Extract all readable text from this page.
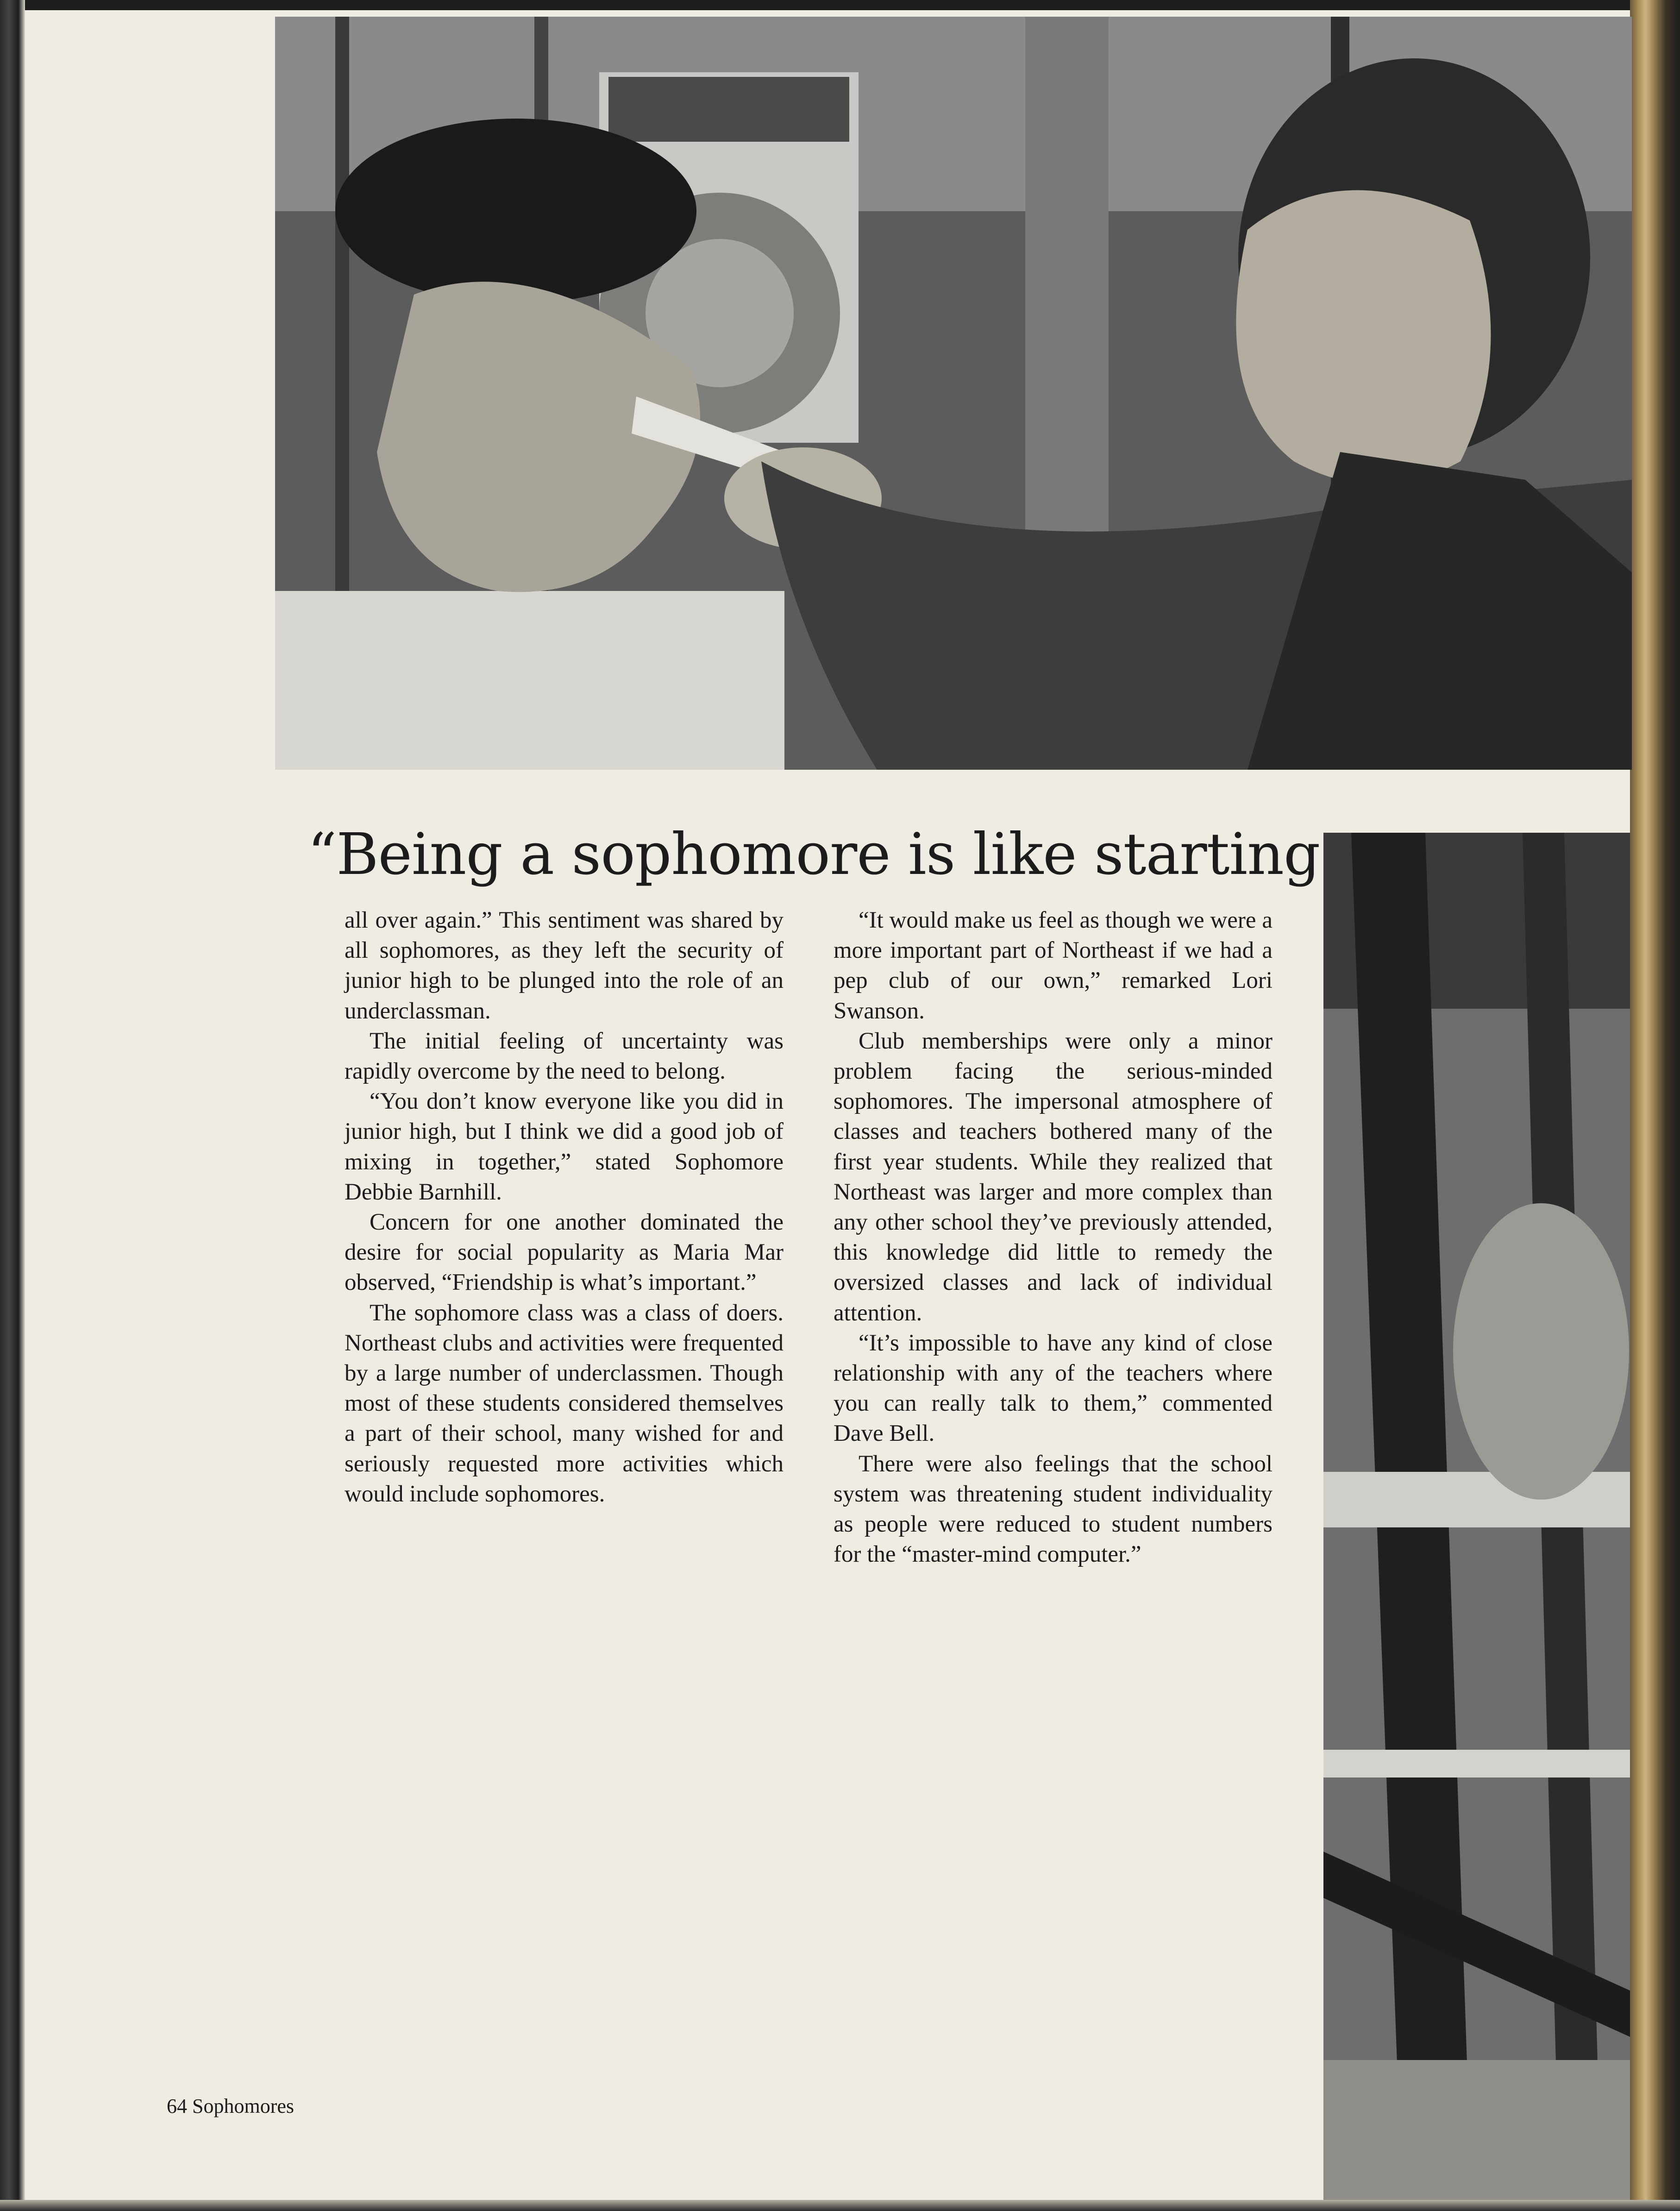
“Being a sophomore is like starting

all over again.” This sentiment was shared by all sophomores, as they left the security of junior high to be plunged into the role of an underclassman.

The initial feeling of uncertainty was rapidly overcome by the need to belong.

“You don’t know everyone like you did in junior high, but I think we did a good job of mixing in together,” stated Sophomore Debbie Barnhill.

Concern for one another dominated the desire for social popularity as Maria Mar observed, “Friendship is what’s important.”

The sophomore class was a class of doers. Northeast clubs and activities were frequented by a large number of underclassmen. Though most of these students considered themselves a part of their school, many wished for and seriously requested more activities which would include sophomores.

“It would make us feel as though we were a more important part of Northeast if we had a pep club of our own,” remarked Lori Swanson.

Club memberships were only a minor problem facing the serious-minded sophomores. The impersonal atmosphere of classes and teachers bothered many of the first year students. While they realized that Northeast was larger and more complex than any other school they’ve previously attended, this knowledge did little to remedy the oversized classes and lack of individual attention.

“It’s impossible to have any kind of close relationship with any of the teachers where you can really talk to them,” commented Dave Bell.

There were also feelings that the school system was threatening student individuality as people were reduced to student numbers for the “master-mind computer.”

64 Sophomores
